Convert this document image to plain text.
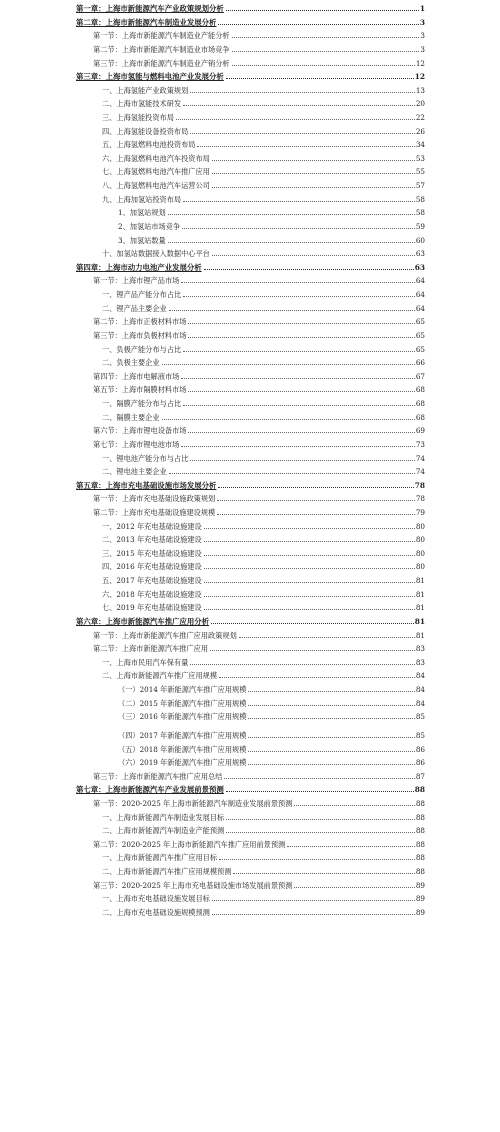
第一章：上海市新能源汽车产业政策规划分析	1
第二章：上海市新能源汽车制造业发展分析	3
第一节：上海市新能源汽车制造业产能分析	3
第二节：上海市新能源汽车制造业市场竞争	3
第三节：上海市新能源汽车制造业产销分析	12
第三章：上海市氢能与燃料电池产业发展分析	12
一、上海氢能产业政策规划	13
二、上海市氢能技术研发	20
三、上海氢能投资布局	22
四、上海氢能设备投资布局	26
五、上海氢燃料电池投资布局	34
六、上海氢燃料电池汽车投资布局	53
七、上海氢燃料电池汽车推广应用	55
八、上海氢燃料电池汽车运营公司	57
九、上海加氢站投资布局	58
1、加氢站规划	58
2、加氢站市场竞争	59
3、加氢站数量	60
十、加氢站数据接入数据中心平台	63
第四章：上海市动力电池产业发展分析	63
第一节：上海市锂产品市场	64
一、锂产品产能分布占比	64
二、锂产品主要企业	64
第二节：上海市正极材料市场	65
第三节：上海市负极材料市场	65
一、负极产能分布与占比	65
二、负极主要企业	66
第四节：上海市电解液市场	67
第五节：上海市隔膜材料市场	68
一、隔膜产能分布与占比	68
二、隔膜主要企业	68
第六节：上海市锂电设备市场	69
第七节：上海市锂电池市场	73
一、锂电池产能分布与占比	74
二、锂电池主要企业	74
第五章：上海市充电基础设施市场发展分析	78
第一节：上海市充电基础设施政策规划	78
第二节：上海市充电基础设施建设规模	79
一、2012 年充电基础设施建设	80
二、2013 年充电基础设施建设	80
三、2015 年充电基础设施建设	80
四、2016 年充电基础设施建设	80
五、2017 年充电基础设施建设	81
六、2018 年充电基础设施建设	81
七、2019 年充电基础设施建设	81
第六章：上海市新能源汽车推广应用分析	81
第一节：上海市新能源汽车推广应用政策规划	81
第二节：上海市新能源汽车推广应用	83
一、上海市民用汽车保有量	83
二、上海市新能源汽车推广应用规模	84
（一）2014 年新能源汽车推广应用规模	84
（二）2015 年新能源汽车推广应用规模	84
（三）2016 年新能源汽车推广应用规模	85
（四）2017 年新能源汽车推广应用规模	85
（五）2018 年新能源汽车推广应用规模	86
（六）2019 年新能源汽车推广应用规模	86
第三节：上海市新能源汽车推广应用总结	87
第七章：上海市新能源汽车产业发展前景预测	88
第一节：2020-2025 年上海市新能源汽车制造业发展前景预测	88
一、上海市新能源汽车制造业发展目标	88
二、上海市新能源汽车制造业产能预测	88
第二节：2020-2025 年上海市新能源汽车推广应用前景预测	88
一、上海市新能源汽车推广应用目标	88
二、上海市新能源汽车推广应用规模预测	88
第三节：2020-2025 年上海市充电基础设施市场发展前景预测	89
一、上海市充电基础设施发展目标	89
二、上海市充电基础设施规模预测	89
